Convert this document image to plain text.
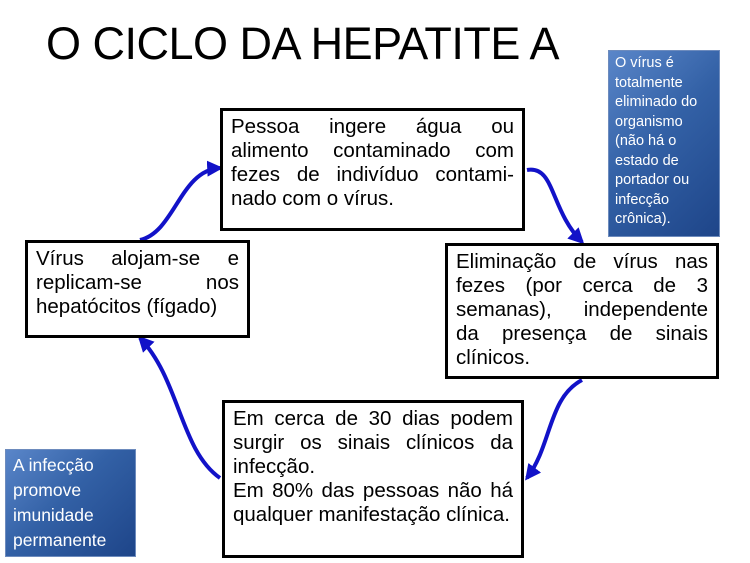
O CICLO DA HEPATITE A
Pessoa ingere água ou alimento contaminado com fezes de indivíduo contami-nado com o vírus.
Eliminação de vírus nas fezes (por cerca de 3 semanas), independente da presença de sinais clínicos.
Vírus alojam-se e replicam-se nos hepatócitos (fígado)
Em cerca de 30 dias podem surgir os sinais clínicos da infecção.
Em 80% das pessoas não há qualquer manifestação clínica.
O vírus é totalmente eliminado do organismo (não há o estado de portador ou infecção crônica).
A infecção promove imunidade permanente
